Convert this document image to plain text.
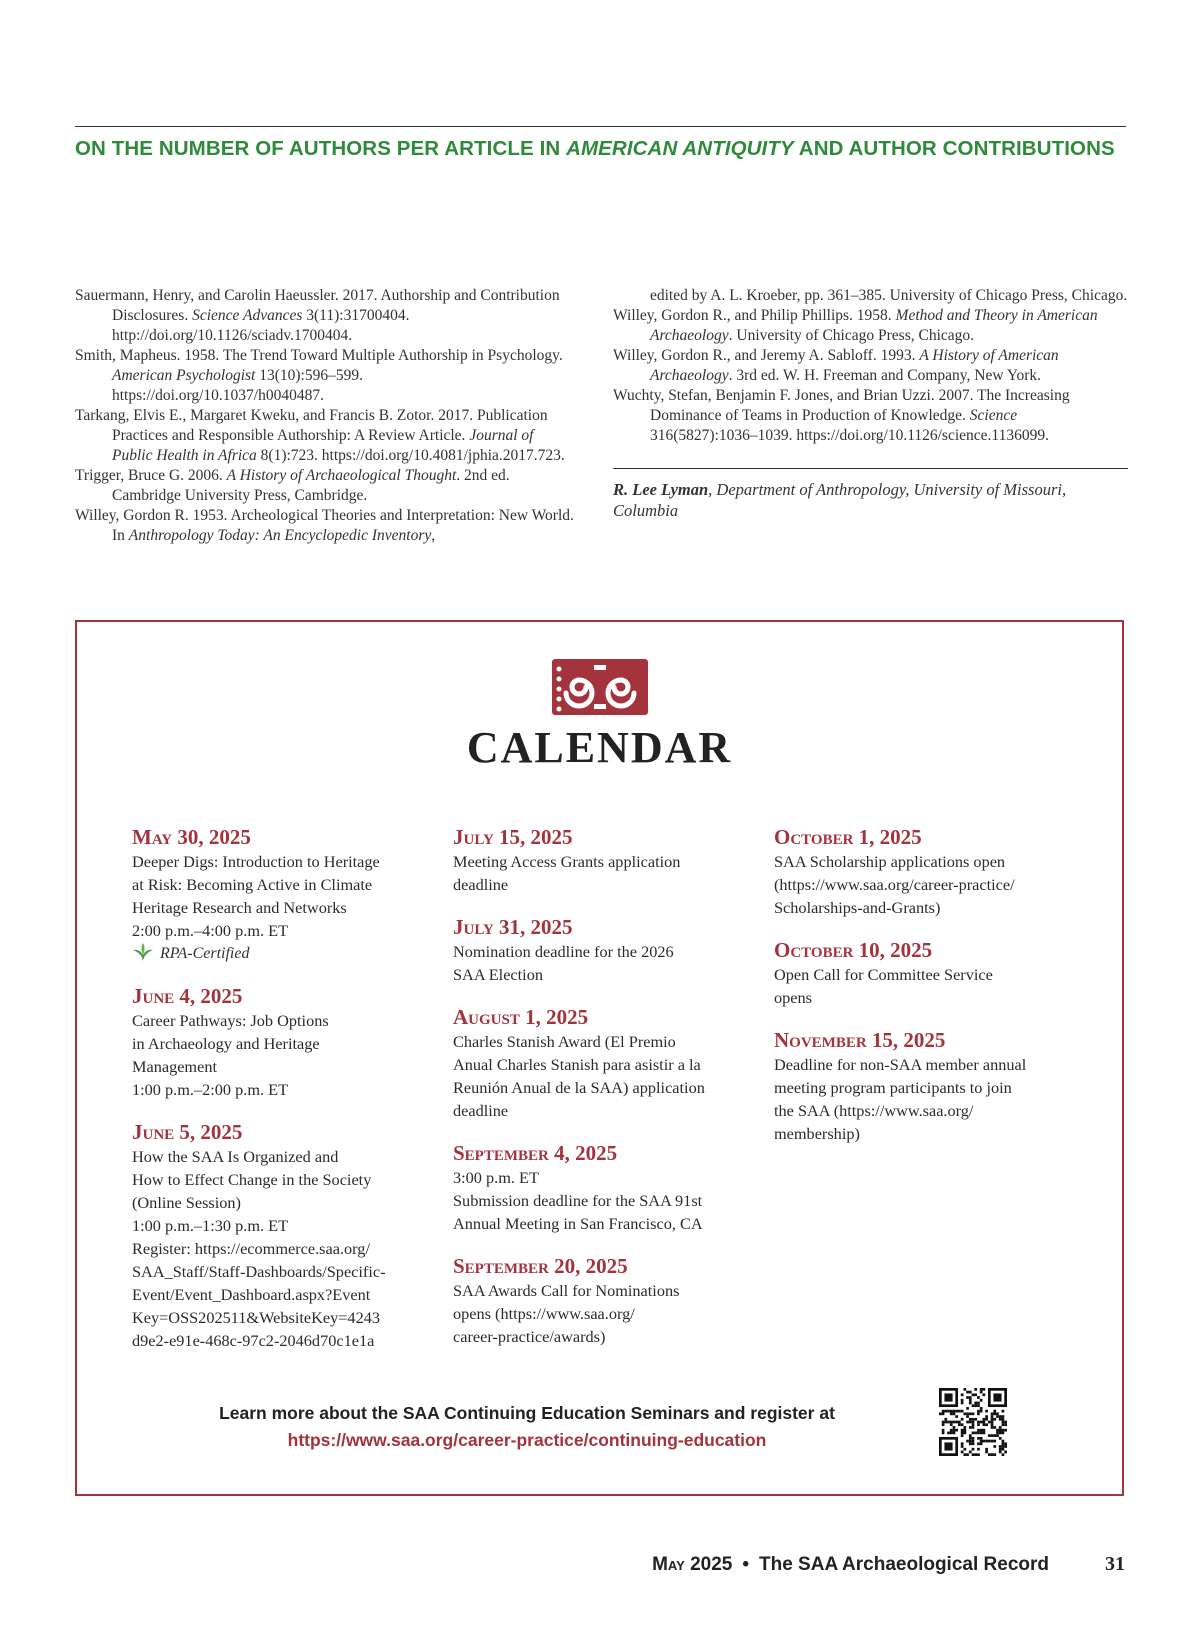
ON THE NUMBER OF AUTHORS PER ARTICLE IN AMERICAN ANTIQUITY AND AUTHOR CONTRIBUTIONS
Sauermann, Henry, and Carolin Haeussler. 2017. Authorship and Contribution Disclosures. Science Advances 3(11):31700404. http://doi.org/10.1126/sciadv.1700404.
Smith, Mapheus. 1958. The Trend Toward Multiple Authorship in Psychology. American Psychologist 13(10):596–599. https://doi.org/10.1037/h0040487.
Tarkang, Elvis E., Margaret Kweku, and Francis B. Zotor. 2017. Publication Practices and Responsible Authorship: A Review Article. Journal of Public Health in Africa 8(1):723. https://doi.org/10.4081/jphia.2017.723.
Trigger, Bruce G. 2006. A History of Archaeological Thought. 2nd ed. Cambridge University Press, Cambridge.
Willey, Gordon R. 1953. Archeological Theories and Interpretation: New World. In Anthropology Today: An Encyclopedic Inventory,
edited by A. L. Kroeber, pp. 361–385. University of Chicago Press, Chicago.
Willey, Gordon R., and Philip Phillips. 1958. Method and Theory in American Archaeology. University of Chicago Press, Chicago.
Willey, Gordon R., and Jeremy A. Sabloff. 1993. A History of American Archaeology. 3rd ed. W. H. Freeman and Company, New York.
Wuchty, Stefan, Benjamin F. Jones, and Brian Uzzi. 2007. The Increasing Dominance of Teams in Production of Knowledge. Science 316(5827):1036–1039. https://doi.org/10.1126/science.1136099.
R. Lee Lyman, Department of Anthropology, University of Missouri, Columbia
CALENDAR
May 30, 2025
Deeper Digs: Introduction to Heritage
at Risk: Becoming Active in Climate
Heritage Research and Networks
2:00 p.m.–4:00 p.m. ET
RPA-Certified
June 4, 2025
Career Pathways: Job Options
in Archaeology and Heritage
Management
1:00 p.m.–2:00 p.m. ET
June 5, 2025
How the SAA Is Organized and
How to Effect Change in the Society
(Online Session)
1:00 p.m.–1:30 p.m. ET
Register: https://ecommerce.saa.org/
SAA_Staff/Staff-Dashboards/Specific-
Event/Event_Dashboard.aspx?Event
Key=OSS202511&WebsiteKey=4243
d9e2-e91e-468c-97c2-2046d70c1e1a
July 15, 2025
Meeting Access Grants application
deadline
July 31, 2025
Nomination deadline for the 2026
SAA Election
August 1, 2025
Charles Stanish Award (El Premio
Anual Charles Stanish para asistir a la
Reunión Anual de la SAA) application
deadline
September 4, 2025
3:00 p.m. ET
Submission deadline for the SAA 91st
Annual Meeting in San Francisco, CA
September 20, 2025
SAA Awards Call for Nominations
opens (https://www.saa.org/
career-practice/awards)
October 1, 2025
SAA Scholarship applications open
(https://www.saa.org/career-practice/
Scholarships-and-Grants)
October 10, 2025
Open Call for Committee Service
opens
November 15, 2025
Deadline for non-SAA member annual
meeting program participants to join
the SAA (https://www.saa.org/
membership)
Learn more about the SAA Continuing Education Seminars and register at
https://www.saa.org/career-practice/continuing-education
May 2025 • The SAA Archaeological Record	31
